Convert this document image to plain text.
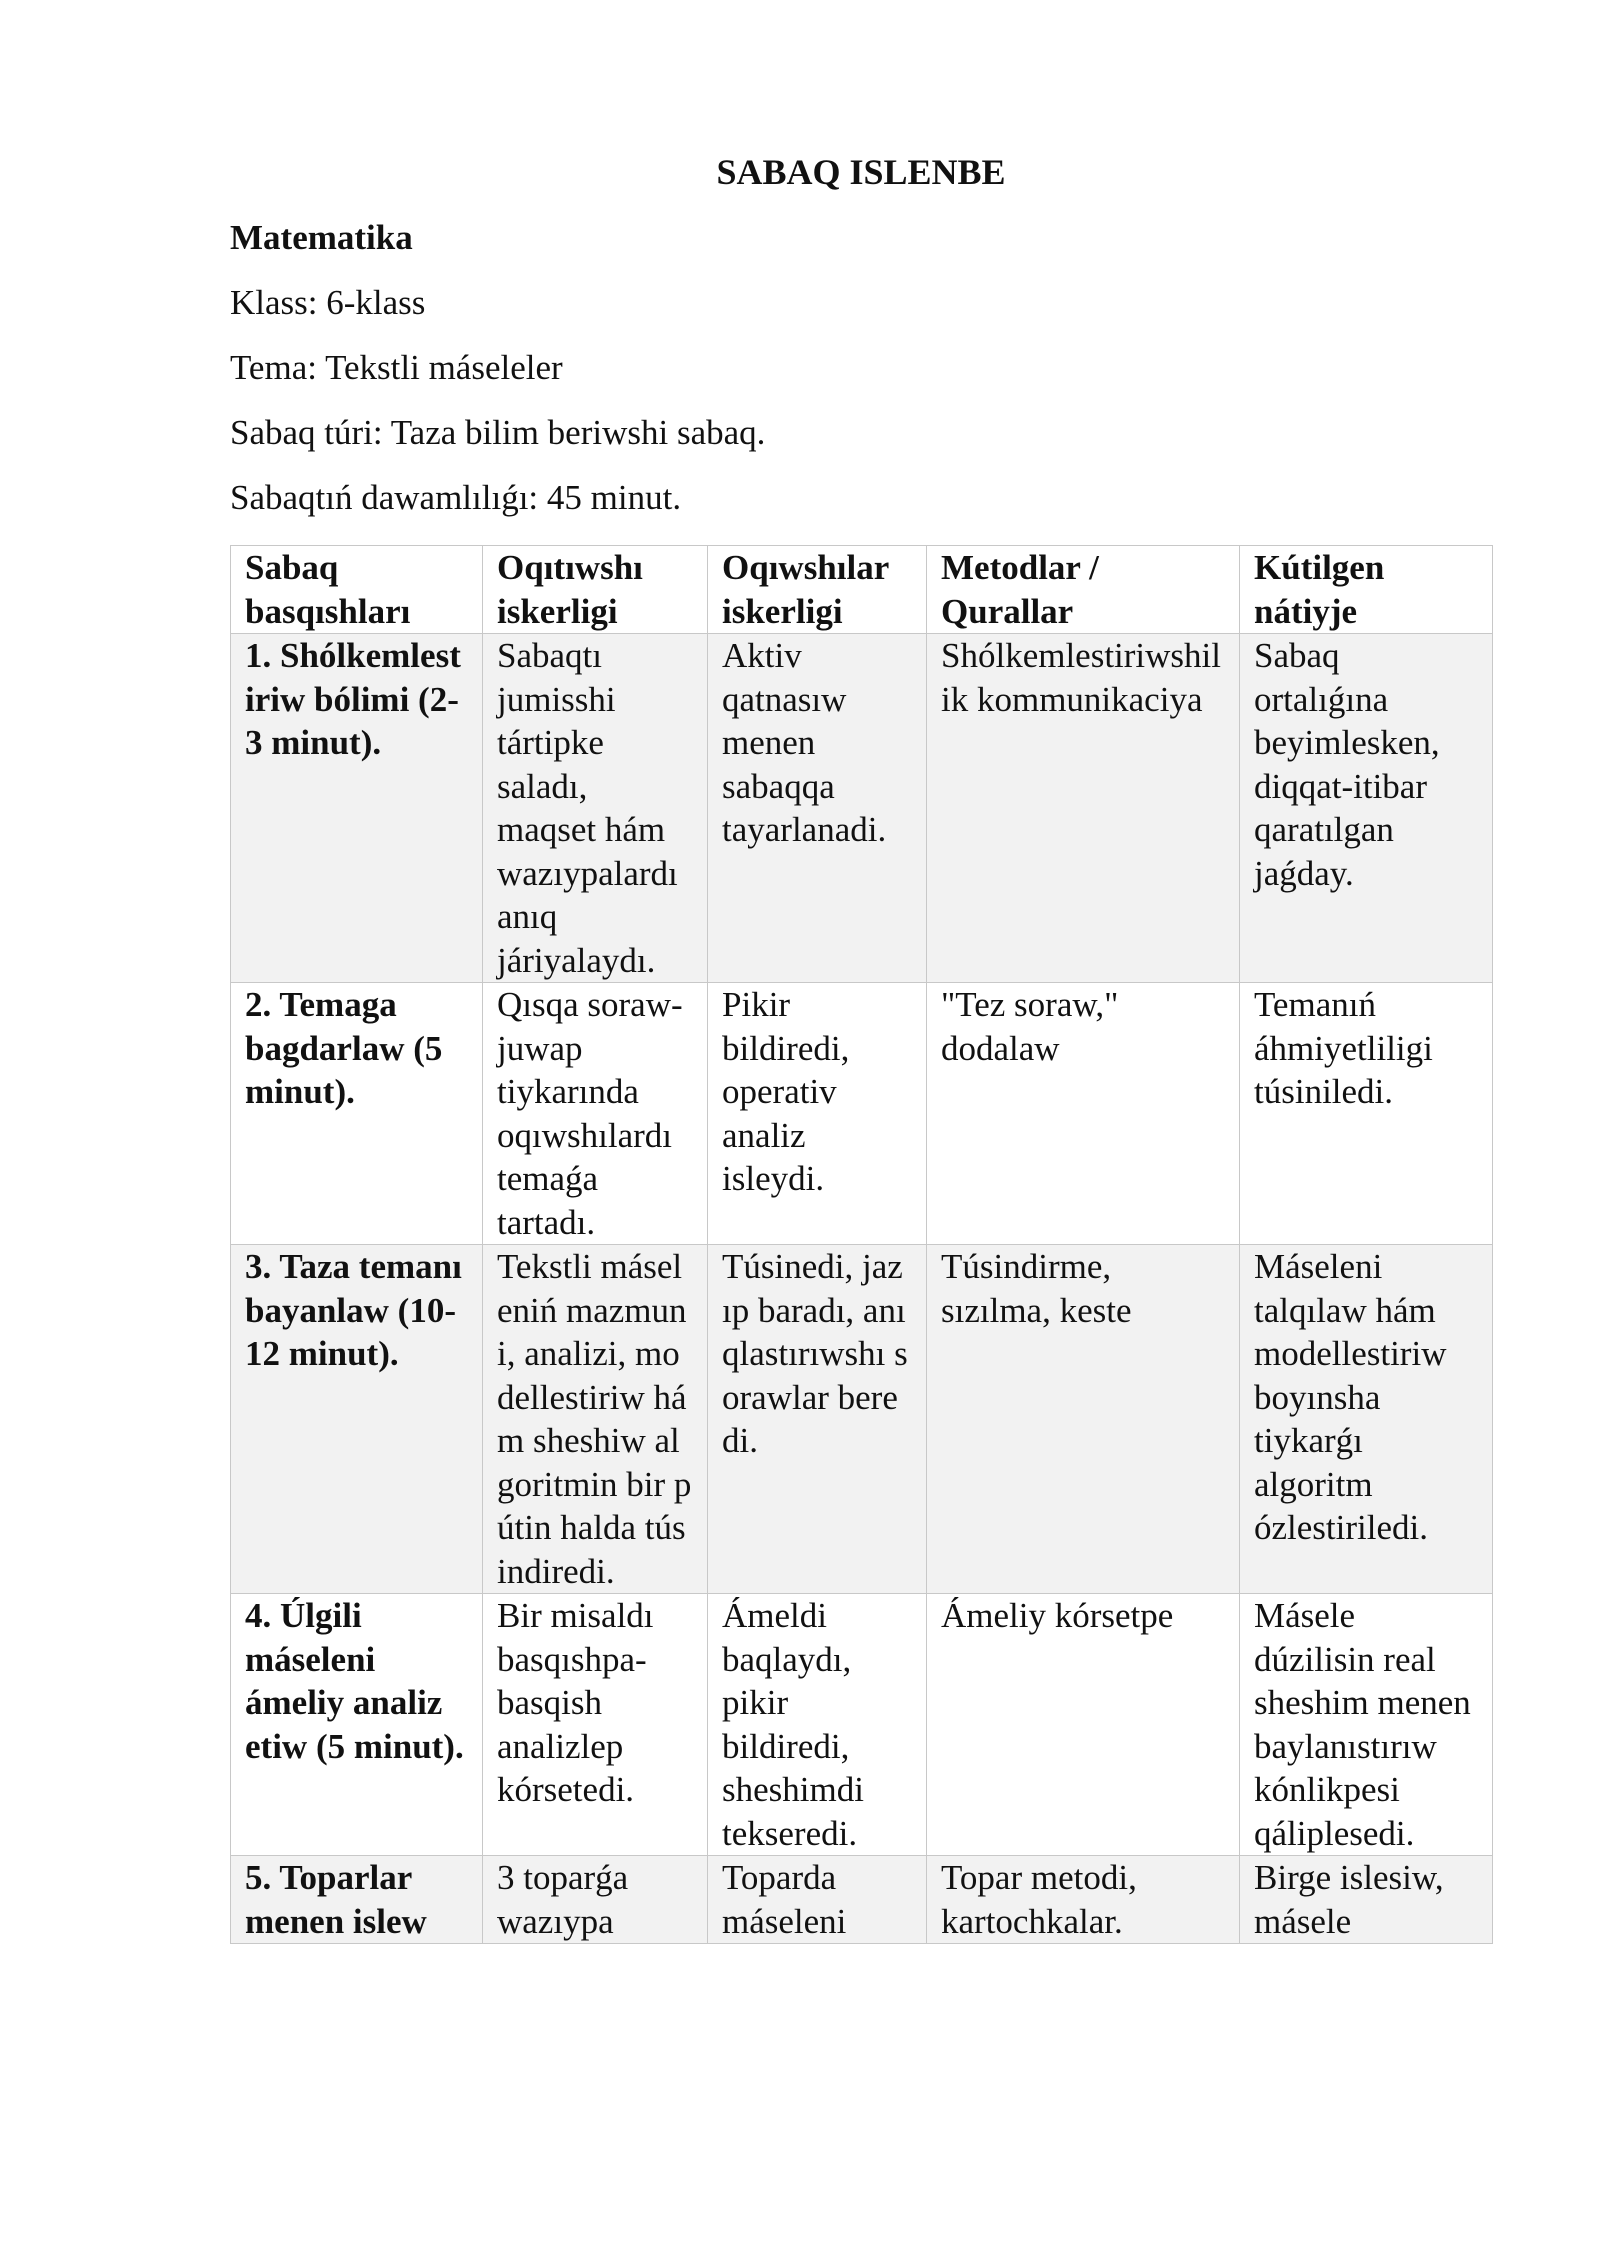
SABAQ ISLENBE

Matematika

Klass: 6-klass

Tema: Tekstli máseleler

Sabaq túri: Taza bilim beriwshi sabaq.

Sabaqtıń dawamlılıǵı: 45 minut.

Sabaq basqıshları	Oqıtıwshı iskerligi	Oqıwshılar iskerligi	Metodlar / Qurallar	Kútilgen nátiyje
1. Shólkemlestiriw bólimi (2-3 minut).	Sabaqtı jumisshi tártipke saladı, maqset hám wazıypalardı anıq járiyalaydı.	Aktiv qatnasıw menen sabaqqa tayarlanadi.	Shólkemlestiriwshilik kommunikaciya	Sabaq ortalıǵına beyimlesken, diqqat-itibar qaratılgan jaǵday.
2. Temaga bagdarlaw (5 minut).	Qısqa soraw-juwap tiykarında oqıwshılardı temaǵa tartadı.	Pikir bildiredi, operativ analiz isleydi.	"Tez soraw," dodalaw	Temanıń áhmiyetliligi túsiniledi.
3. Taza temanı bayanlaw (10-12 minut).	Tekstli máseleniń mazmuni, analizi, modellestiriw hám sheshiw algoritmin bir pútin halda túsindiredi.	Túsinedi, jazıp baradı, anıqlastırıwshı sorawlar beredi.	Túsindirme, sızılma, keste	Máseleni talqılaw hám modellestiriw boyınsha tiykarǵı algoritm ózlestiriledi.
4. Úlgili máseleni ámeliy analiz etiw (5 minut).	Bir misaldı basqıshpa-basqish analizlep kórsetedi.	Ámeldi baqlaydı, pikir bildiredi, sheshimdi tekseredi.	Ámeliy kórsetpe	Másele dúzilisin real sheshim menen baylanıstırıw kónlikpesi qáliplesedi.
5. Toparlar menen islew	3 toparǵa wazıypa	Toparda máseleni	Topar metodi, kartochkalar.	Birge islesiw, másele
